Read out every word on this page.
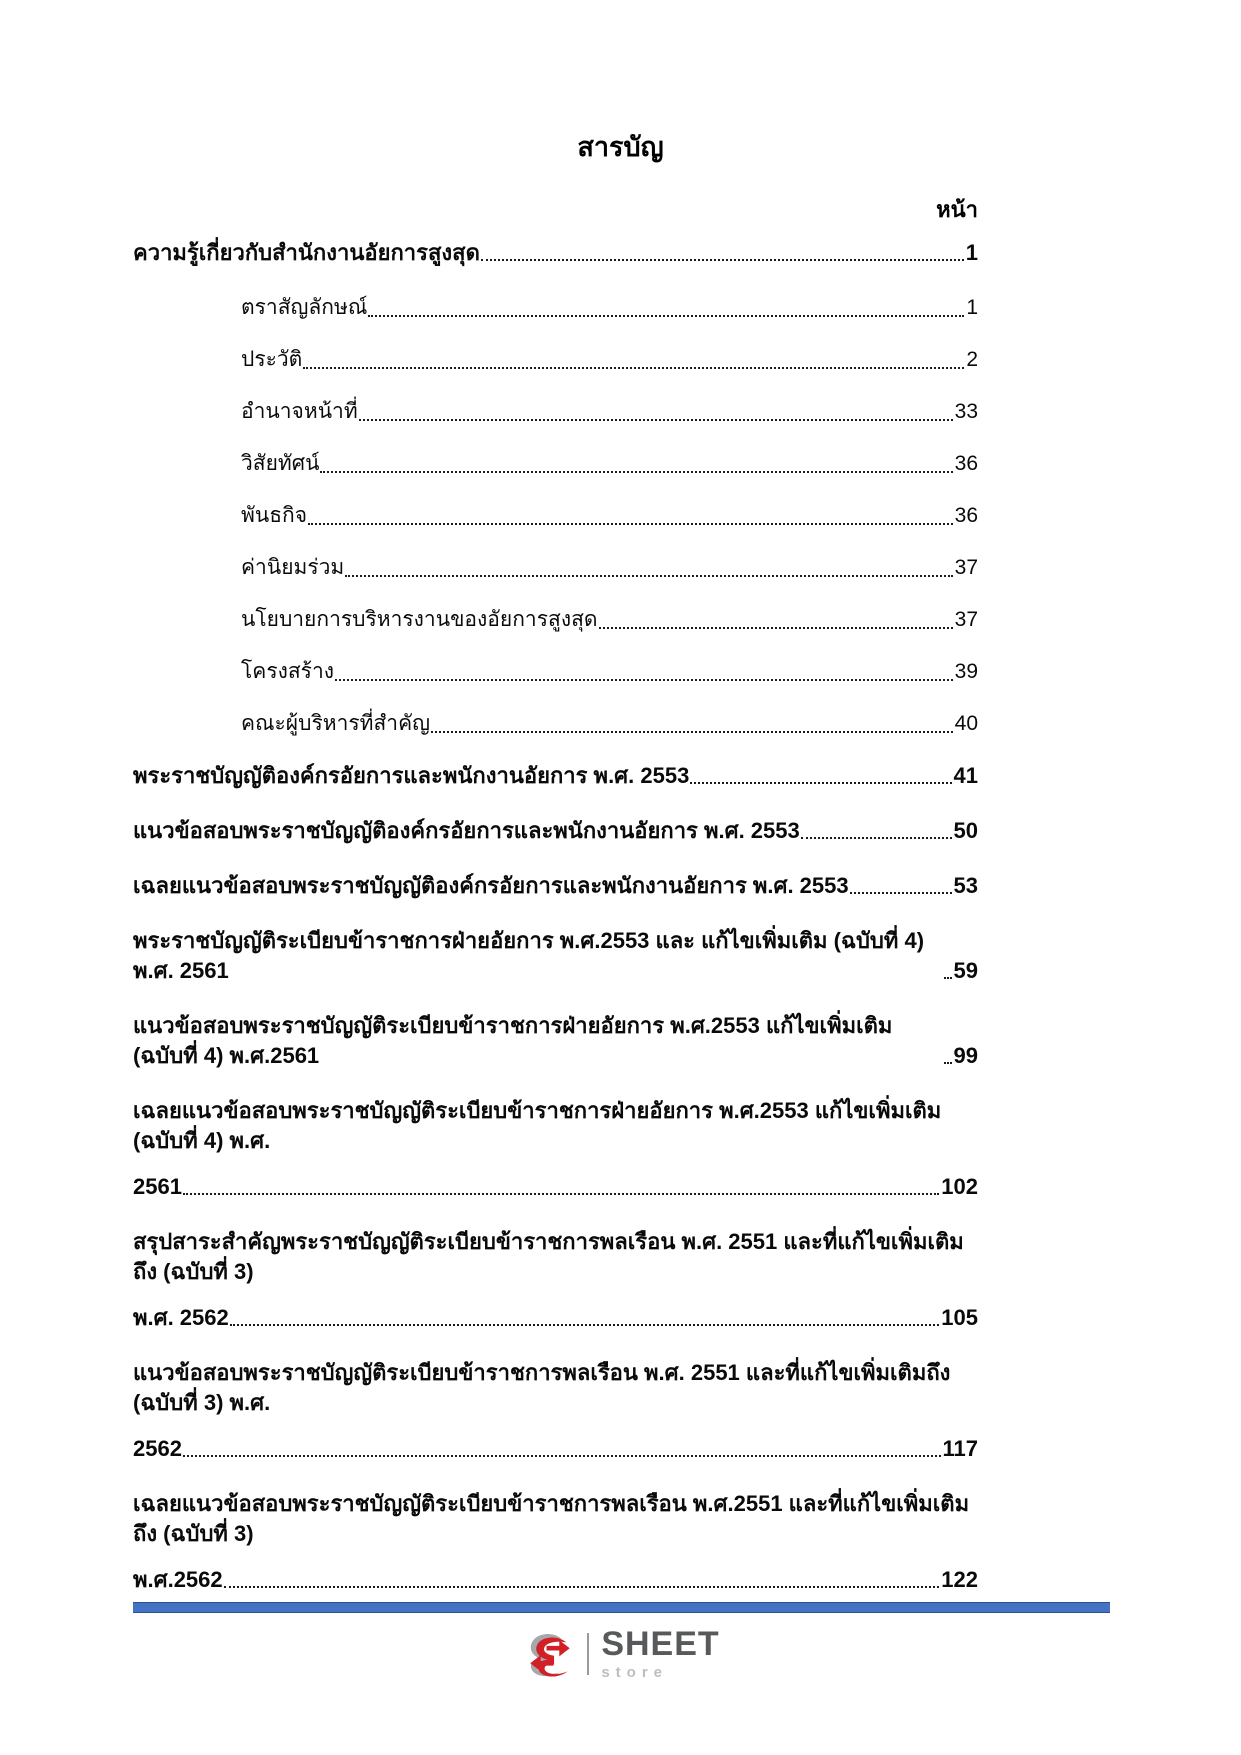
สารบัญ
หน้า
ความรู้เกี่ยวกับสำนักงานอัยการสูงสุด	1
ตราสัญลักษณ์	1
ประวัติ	2
อำนาจหน้าที่	33
วิสัยทัศน์	36
พันธกิจ	36
ค่านิยมร่วม	37
นโยบายการบริหารงานของอัยการสูงสุด	37
โครงสร้าง	39
คณะผู้บริหารที่สำคัญ	40
พระราชบัญญัติองค์กรอัยการและพนักงานอัยการ พ.ศ. 2553	41
แนวข้อสอบพระราชบัญญัติองค์กรอัยการและพนักงานอัยการ พ.ศ. 2553	50
เฉลยแนวข้อสอบพระราชบัญญัติองค์กรอัยการและพนักงานอัยการ พ.ศ. 2553	53
พระราชบัญญัติระเบียบข้าราชการฝ่ายอัยการ พ.ศ.2553 และ แก้ไขเพิ่มเติม (ฉบับที่ 4) พ.ศ. 2561	59
แนวข้อสอบพระราชบัญญัติระเบียบข้าราชการฝ่ายอัยการ พ.ศ.2553 แก้ไขเพิ่มเติม (ฉบับที่ 4) พ.ศ.2561	99
เฉลยแนวข้อสอบพระราชบัญญัติระเบียบข้าราชการฝ่ายอัยการ พ.ศ.2553 แก้ไขเพิ่มเติม (ฉบับที่ 4) พ.ศ.
2561	102
สรุปสาระสำคัญพระราชบัญญัติระเบียบข้าราชการพลเรือน พ.ศ. 2551 และที่แก้ไขเพิ่มเติมถึง (ฉบับที่ 3)
พ.ศ. 2562	105
แนวข้อสอบพระราชบัญญัติระเบียบข้าราชการพลเรือน พ.ศ. 2551 และที่แก้ไขเพิ่มเติมถึง (ฉบับที่ 3) พ.ศ.
2562	117
เฉลยแนวข้อสอบพระราชบัญญัติระเบียบข้าราชการพลเรือน พ.ศ.2551 และที่แก้ไขเพิ่มเติมถึง (ฉบับที่ 3)
พ.ศ.2562	122
SHEET
store
